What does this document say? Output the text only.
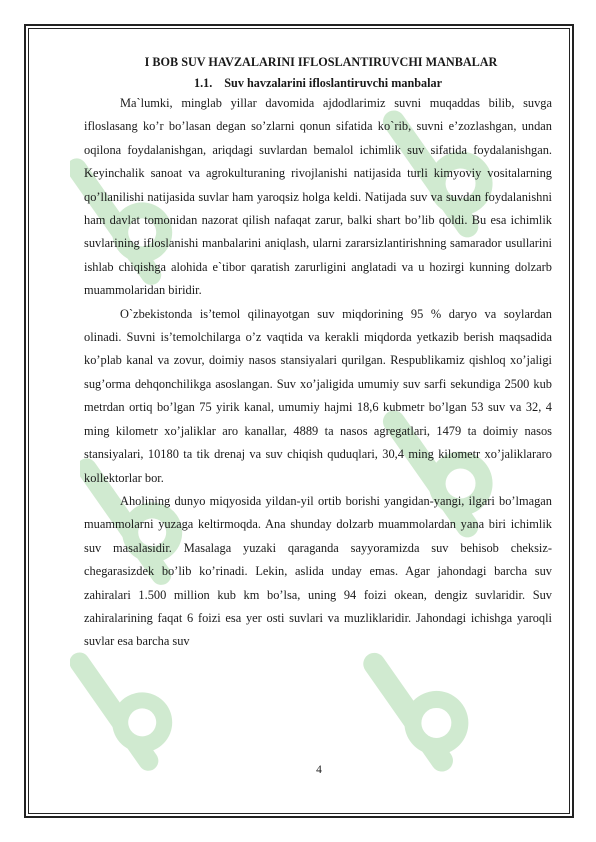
I BOB SUV HAVZALARINI IFLOSLANTIRUVCHI MANBALAR

1.1. Suv havzalarini ifloslantiruvchi manbalar

Ma`lumki, minglab yillar davomida ajdodlarimiz suvni muqaddas bilib, suvga ifloslasang ko’r bo’lasan degan so’zlarni qonun sifatida ko`rib, suvni e’zozlashgan, undan oqilona foydalanishgan, ariqdagi suvlardan bemalol ichimlik suv sifatida foydalanishgan. Keyinchalik sanoat va agrokulturaning rivojlanishi natijasida turli kimyoviy vositalarning qo’llanilishi natijasida suvlar ham yaroqsiz holga keldi. Natijada suv va suvdan foydalanishni ham davlat tomonidan nazorat qilish nafaqat zarur, balki shart bo’lib qoldi. Bu esa ichimlik suvlarining ifloslanishi manbalarini aniqlash, ularni zararsizlantirishning samarador usullarini ishlab chiqishga alohida e`tibor qaratish zarurligini anglatadi va u hozirgi kunning dolzarb muammolaridan biridir.

O`zbekistonda is’temol qilinayotgan suv miqdorining 95 % daryo va soylardan olinadi. Suvni is’temolchilarga o’z vaqtida va kerakli miqdorda yetkazib berish maqsadida ko’plab kanal va zovur, doimiy nasos stansiyalari qurilgan. Respublikamiz qishloq xo’jaligi sug’orma dehqonchilikga asoslangan. Suv xo’jaligida umumiy suv sarfi sekundiga 2500 kub metrdan ortiq bo’lgan 75 yirik kanal, umumiy hajmi 18,6 kubmetr bo’lgan 53 suv va 32, 4 ming kilometr xo’jaliklar aro kanallar, 4889 ta nasos agregatlari, 1479 ta doimiy nasos stansiyalari, 10180 ta tik drenaj va suv chiqish quduqlari, 30,4 ming kilometr xo’jaliklararo kollektorlar bor.

Aholining dunyo miqyosida yildan-yil ortib borishi yangidan-yangi, ilgari bo’lmagan muammolarni yuzaga keltirmoqda. Ana shunday dolzarb muammolardan yana biri ichimlik suv masalasidir. Masalaga yuzaki qaraganda sayyoramizda suv behisob cheksiz-chegarasizdek bo’lib ko’rinadi. Lekin, aslida unday emas. Agar jahondagi barcha suv zahiralari 1.500 million kub km bo’lsa, uning 94 foizi okean, dengiz suvlaridir. Suv zahiralarining faqat 6 foizi esa yer osti suvlari va muzliklaridir. Jahondagi ichishga yaroqli suvlar esa barcha suv

4
